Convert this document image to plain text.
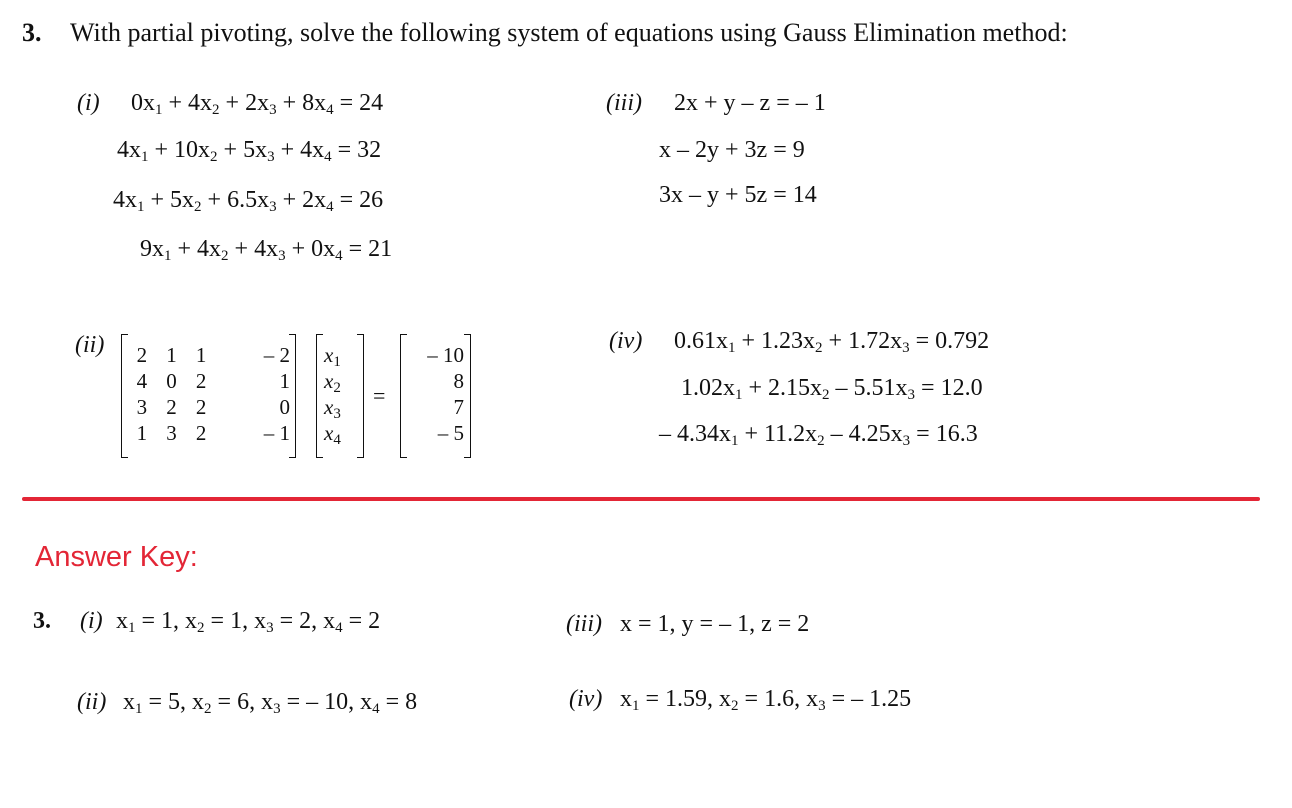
3. With partial pivoting, solve the following system of equations using Gauss Elimination method:
(i) $0x_1 + 4x_2 + 2x_3 + 8x_4 = 24$
$4x_1 + 10x_2 + 5x_3 + 4x_4 = 32$
$4x_1 + 5x_2 + 6.5x_3 + 2x_4 = 26$
$9x_1 + 4x_2 + 4x_3 + 0x_4 = 21$
(iii) 2x + y – z = – 1
x – 2y + 3z = 9
3x – y + 5z = 14
(ii) 2	1	1	– 2
4	0	2	1
3	2	2	0
1	3	2	– 1
$x_1$
$x_2$
$x_3$
$x_4$
=
– 10
8
7
– 5
(iv) $0.61x_1 + 1.23x_2 + 1.72x_3 = 0.792$
$1.02x_1 + 2.15x_2 - 5.51x_3 = 12.0$
– $4.34x_1 + 11.2x_2 - 4.25x_3 = 16.3$
Answer Key:
3. (i) $x_1 = 1$, $x_2 = 1$, $x_3 = 2$, $x_4 = 2$	(iii) x = 1, y = – 1, z = 2
(ii) $x_1 = 5$, $x_2 = 6$, $x_3$ = – 10, $x_4 = 8$	(iv) $x_1 = 1.59$, $x_2 = 1.6$, $x_3$ = – 1.25
